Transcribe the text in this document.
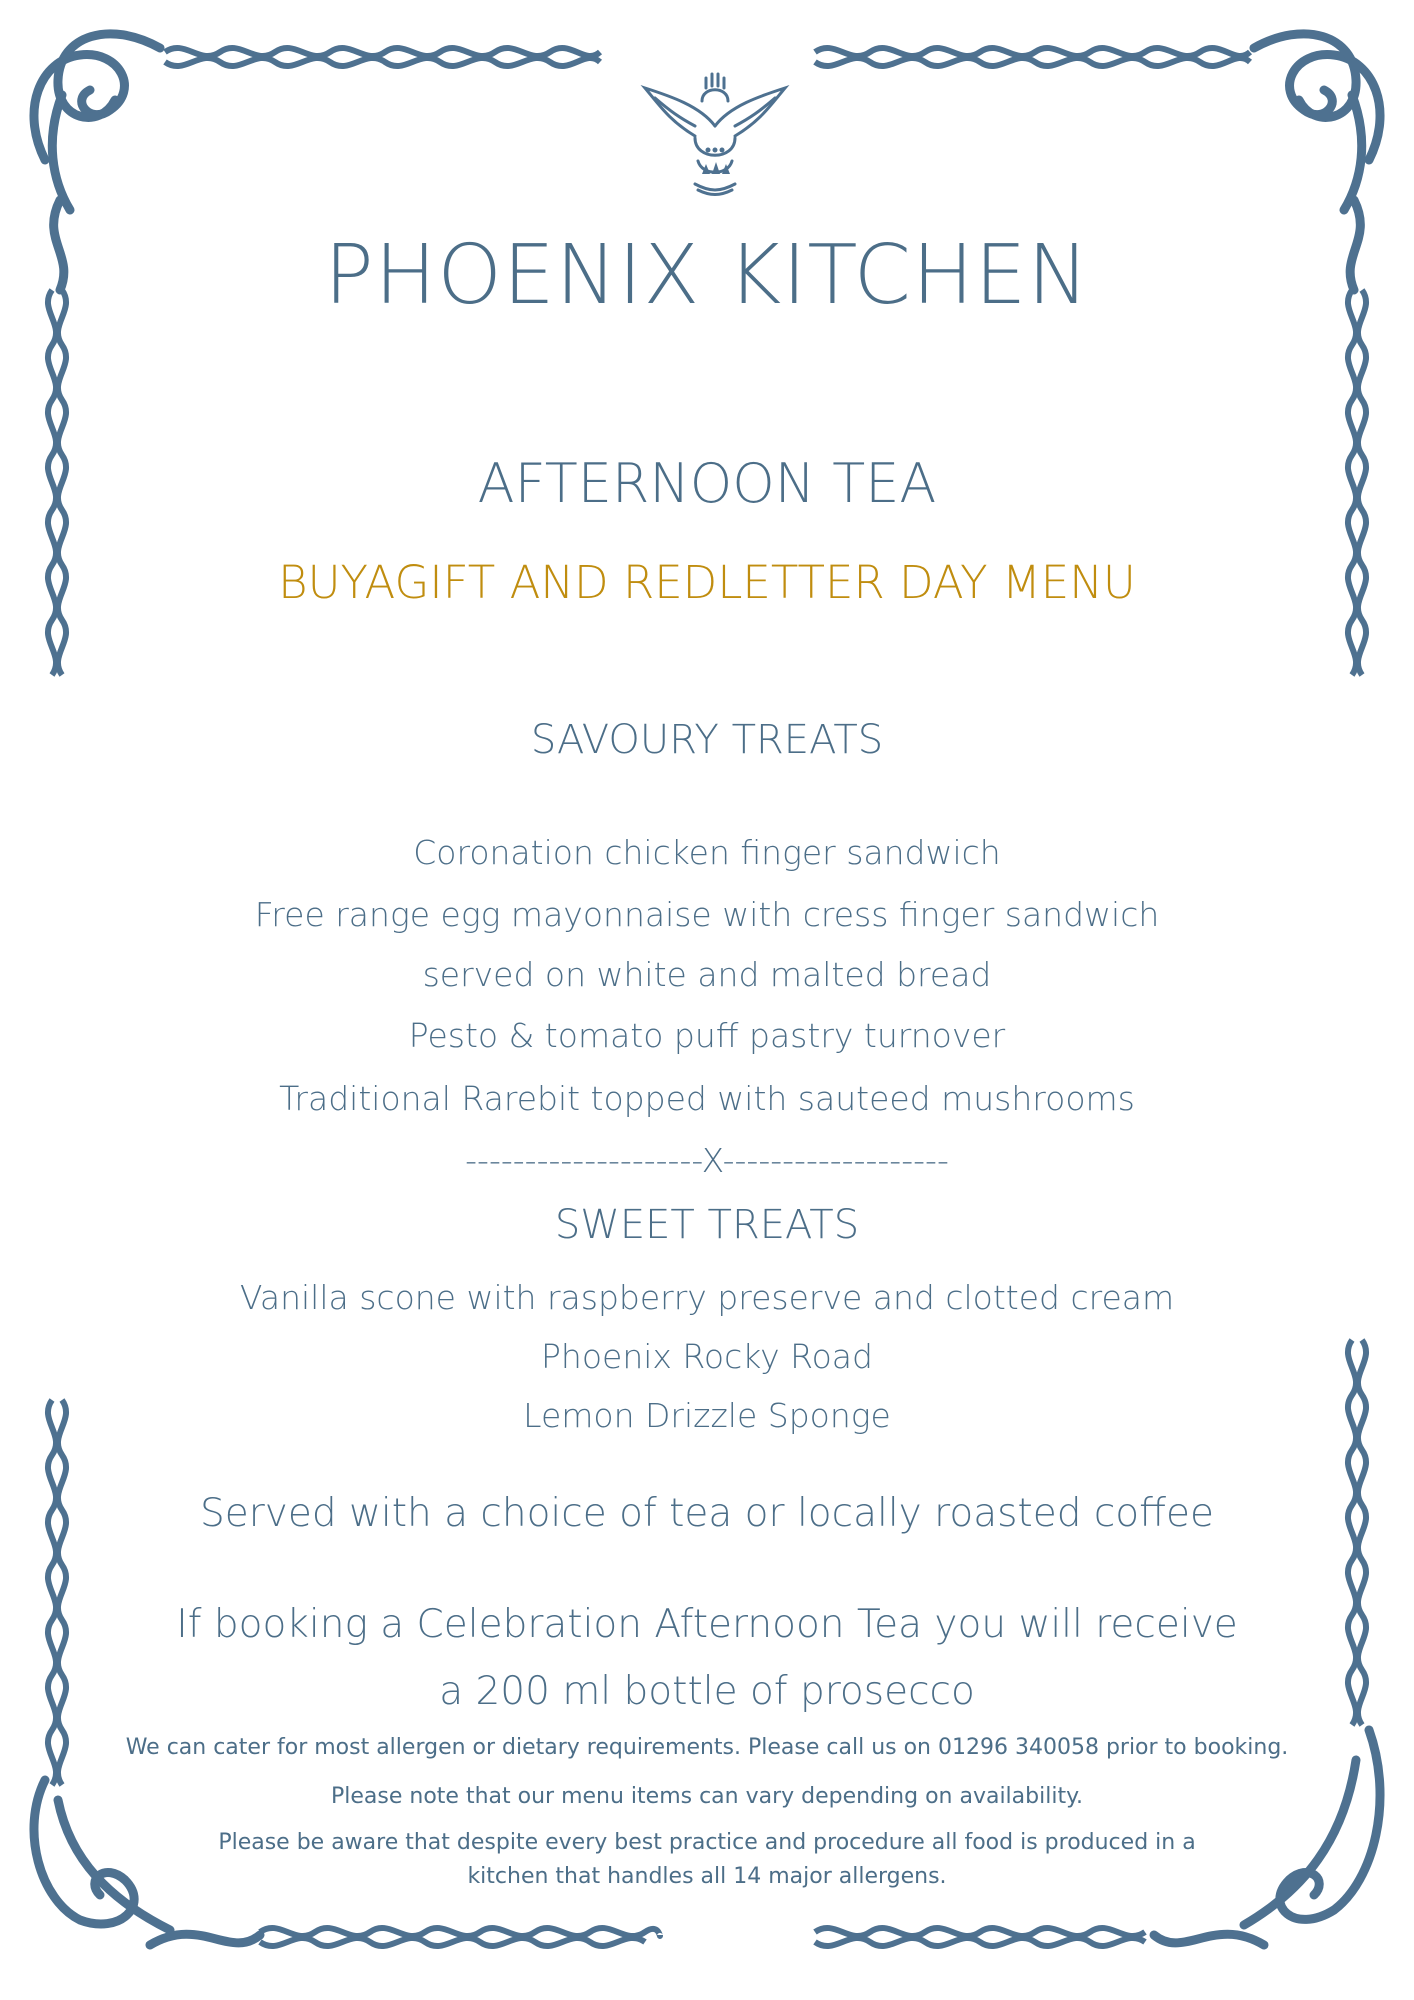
PHOENIX KITCHEN
AFTERNOON TEA
BUYAGIFT AND REDLETTER DAY MENU
SAVOURY TREATS
Coronation chicken finger sandwich
Free range egg mayonnaise with cress finger sandwich
served on white and malted bread
Pesto & tomato puff pastry turnover
Traditional Rarebit topped with sauteed mushrooms
--------------------X-------------------
SWEET TREATS
Vanilla scone with raspberry preserve and clotted cream
Phoenix Rocky Road
Lemon Drizzle Sponge
Served with a choice of tea or locally roasted coffee
If booking a Celebration Afternoon Tea you will receive
a 200 ml bottle of prosecco
We can cater for most allergen or dietary requirements. Please call us on 01296 340058 prior to booking.
Please note that our menu items can vary depending on availability.
Please be aware that despite every best practice and procedure all food is produced in a
kitchen that handles all 14 major allergens.
